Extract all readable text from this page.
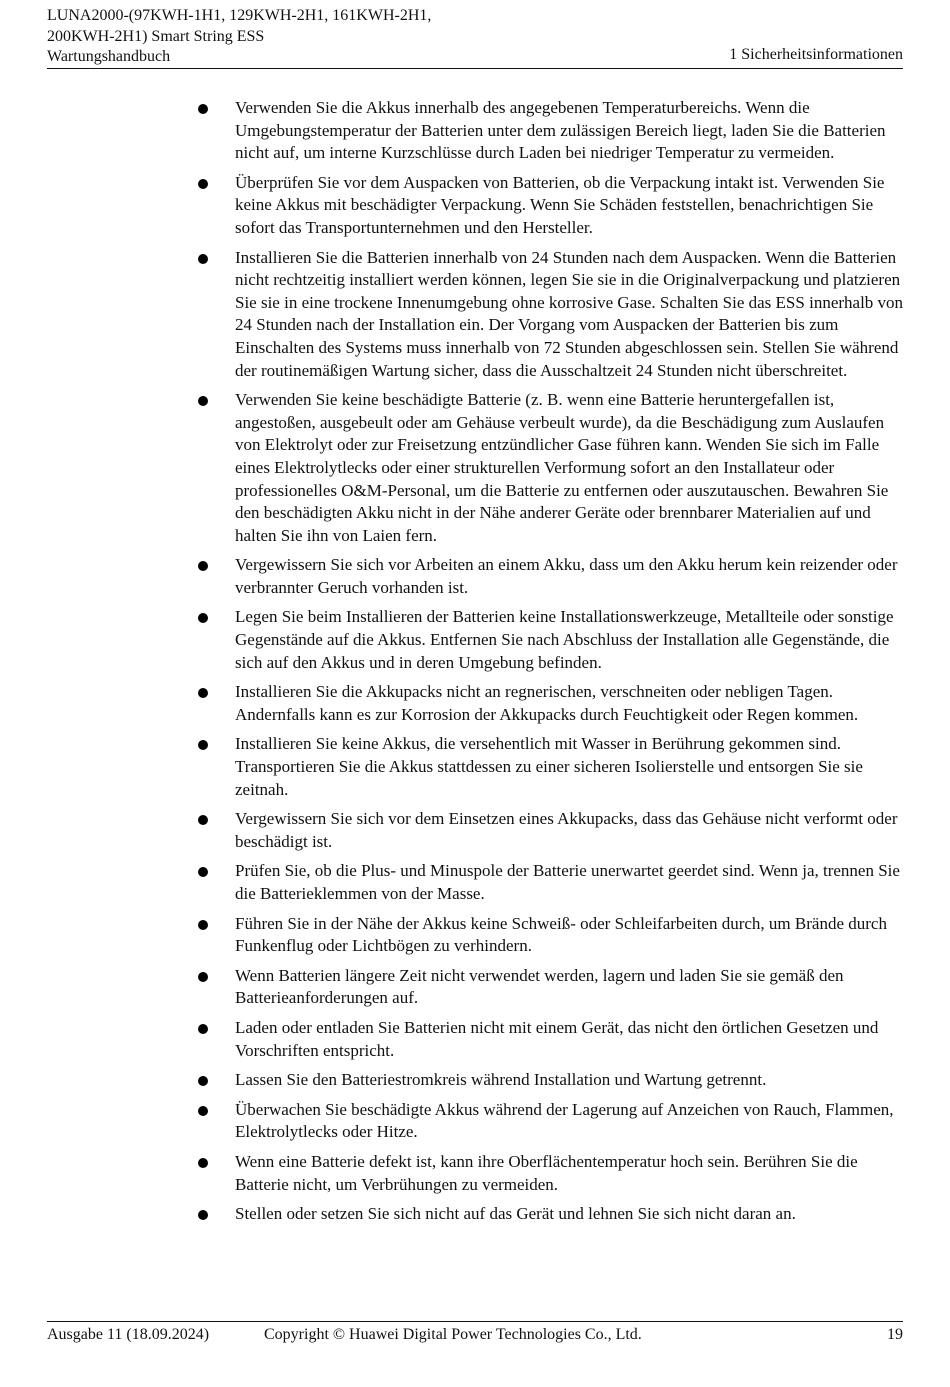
LUNA2000-(97KWH-1H1, 129KWH-2H1, 161KWH-2H1,
200KWH-2H1) Smart String ESS
Wartungshandbuch	1 Sicherheitsinformationen
Verwenden Sie die Akkus innerhalb des angegebenen Temperaturbereichs. Wenn die Umgebungstemperatur der Batterien unter dem zulässigen Bereich liegt, laden Sie die Batterien nicht auf, um interne Kurzschlüsse durch Laden bei niedriger Temperatur zu vermeiden.
Überprüfen Sie vor dem Auspacken von Batterien, ob die Verpackung intakt ist. Verwenden Sie keine Akkus mit beschädigter Verpackung. Wenn Sie Schäden feststellen, benachrichtigen Sie sofort das Transportunternehmen und den Hersteller.
Installieren Sie die Batterien innerhalb von 24 Stunden nach dem Auspacken. Wenn die Batterien nicht rechtzeitig installiert werden können, legen Sie sie in die Originalverpackung und platzieren Sie sie in eine trockene Innenumgebung ohne korrosive Gase. Schalten Sie das ESS innerhalb von 24 Stunden nach der Installation ein. Der Vorgang vom Auspacken der Batterien bis zum Einschalten des Systems muss innerhalb von 72 Stunden abgeschlossen sein. Stellen Sie während der routinemäßigen Wartung sicher, dass die Ausschaltzeit 24 Stunden nicht überschreitet.
Verwenden Sie keine beschädigte Batterie (z. B. wenn eine Batterie heruntergefallen ist, angestoßen, ausgebeult oder am Gehäuse verbeult wurde), da die Beschädigung zum Auslaufen von Elektrolyt oder zur Freisetzung entzündlicher Gase führen kann. Wenden Sie sich im Falle eines Elektrolytlecks oder einer strukturellen Verformung sofort an den Installateur oder professionelles O&M-Personal, um die Batterie zu entfernen oder auszutauschen. Bewahren Sie den beschädigten Akku nicht in der Nähe anderer Geräte oder brennbarer Materialien auf und halten Sie ihn von Laien fern.
Vergewissern Sie sich vor Arbeiten an einem Akku, dass um den Akku herum kein reizender oder verbrannter Geruch vorhanden ist.
Legen Sie beim Installieren der Batterien keine Installationswerkzeuge, Metallteile oder sonstige Gegenstände auf die Akkus. Entfernen Sie nach Abschluss der Installation alle Gegenstände, die sich auf den Akkus und in deren Umgebung befinden.
Installieren Sie die Akkupacks nicht an regnerischen, verschneiten oder nebligen Tagen. Andernfalls kann es zur Korrosion der Akkupacks durch Feuchtigkeit oder Regen kommen.
Installieren Sie keine Akkus, die versehentlich mit Wasser in Berührung gekommen sind. Transportieren Sie die Akkus stattdessen zu einer sicheren Isolierstelle und entsorgen Sie sie zeitnah.
Vergewissern Sie sich vor dem Einsetzen eines Akkupacks, dass das Gehäuse nicht verformt oder beschädigt ist.
Prüfen Sie, ob die Plus- und Minuspole der Batterie unerwartet geerdet sind. Wenn ja, trennen Sie die Batterieklemmen von der Masse.
Führen Sie in der Nähe der Akkus keine Schweiß- oder Schleifarbeiten durch, um Brände durch Funkenflug oder Lichtbögen zu verhindern.
Wenn Batterien längere Zeit nicht verwendet werden, lagern und laden Sie sie gemäß den Batterieanforderungen auf.
Laden oder entladen Sie Batterien nicht mit einem Gerät, das nicht den örtlichen Gesetzen und Vorschriften entspricht.
Lassen Sie den Batteriestromkreis während Installation und Wartung getrennt.
Überwachen Sie beschädigte Akkus während der Lagerung auf Anzeichen von Rauch, Flammen, Elektrolytlecks oder Hitze.
Wenn eine Batterie defekt ist, kann ihre Oberflächentemperatur hoch sein. Berühren Sie die Batterie nicht, um Verbrühungen zu vermeiden.
Stellen oder setzen Sie sich nicht auf das Gerät und lehnen Sie sich nicht daran an.
Ausgabe 11 (18.09.2024)	Copyright © Huawei Digital Power Technologies Co., Ltd.	19
